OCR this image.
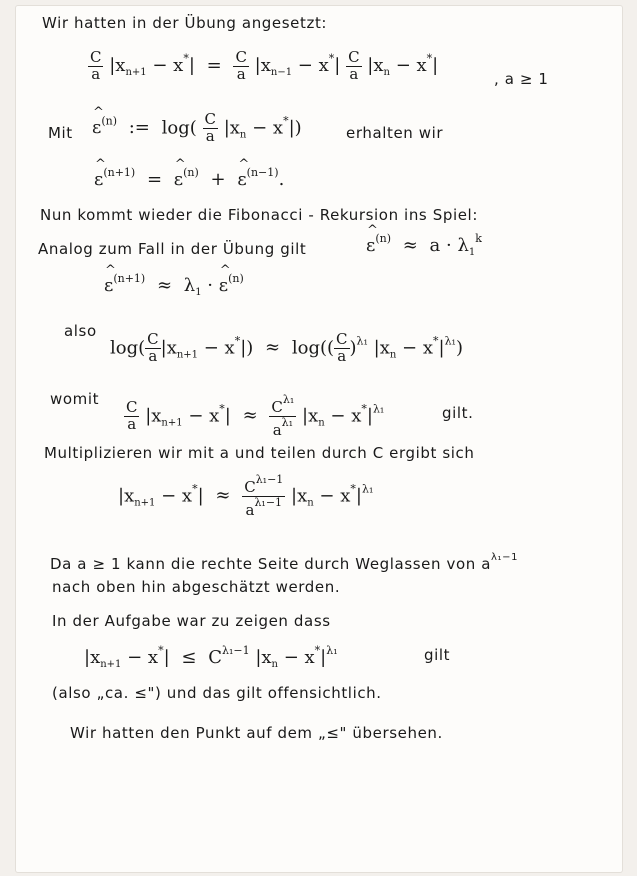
Wir hatten in der Übung angesetzt:
$\frac{C}{a} |x_{n+1} - x^*| = \frac{C}{a} |x_{n-1} - x^*| \frac{C}{a} |x_n - x^*|$
, a ≥ 1
Mit ^ $\varepsilon^{(n)}$ := $\log( \frac{C}{a} |x_n - x^*|)$	erhalten wir
^ $\varepsilon^{(n+1)}$ = ^ $\varepsilon^{(n)}$ + ^ $\varepsilon^{(n-1)}$.
Nun kommt wieder die Fibonacci - Rekursion ins Spiel:
Analog zum Fall in der Übung gilt	^ $\varepsilon^{(n)} \approx a \cdot \lambda_1^k$
^ $\varepsilon^{(n+1)} \approx \lambda_1$ · ^ $\varepsilon^{(n)}$
also
$\log( \frac{C}{a} |x_{n+1} - x^*|) \approx \log(( \frac{C}{a} )^{\lambda_1}$ $|x_n - x^*|^{\lambda_1}$)
womit
$\frac{C}{a} |x_{n+1} - x^*| \approx \frac{C^{\lambda_1}}{a^{\lambda_1}} |x_n - x^*|^{\lambda_1}$	gilt.
Multiplizieren wir mit a und teilen durch C ergibt sich
$|x_{n+1} - x^*| \approx \frac{C^{\lambda_1-1}}{a^{\lambda_1-1}} |x_n - x^*|^{\lambda_1}$
Da a ≥ 1 kann die rechte Seite durch Weglassen von $a^{\lambda_1-1}$
nach oben hin abgeschätzt werden.
In der Aufgabe war zu zeigen dass
$|x_{n+1} - x^*| \le C^{\lambda_1-1}$ $|x_n - x^*|^{\lambda_1}$	gilt
(also „ca. ≤") und das gilt offensichtlich.
Wir hatten den Punkt auf dem „≤" übersehen.
